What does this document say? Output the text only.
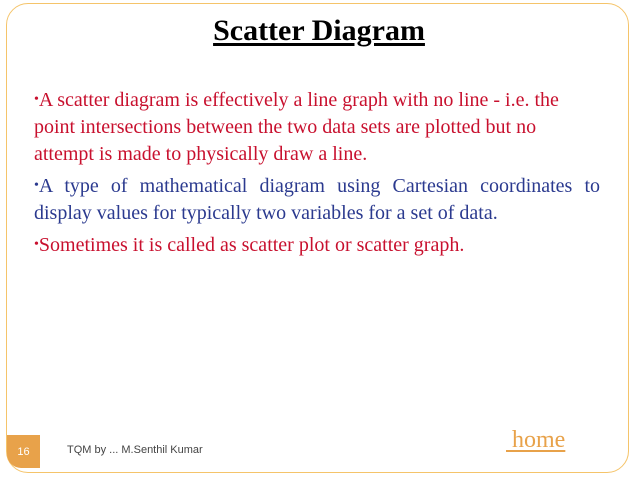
Scatter Diagram

•A scatter diagram is effectively a line graph with no line - i.e. the point intersections between the two data sets are plotted but no attempt is made to physically draw a line.

•A type of mathematical diagram using Cartesian coordinates to display values for typically two variables for a set of data.

•Sometimes it is called as scatter plot or scatter graph.

16	TQM by ... M.Senthil Kumar	home
